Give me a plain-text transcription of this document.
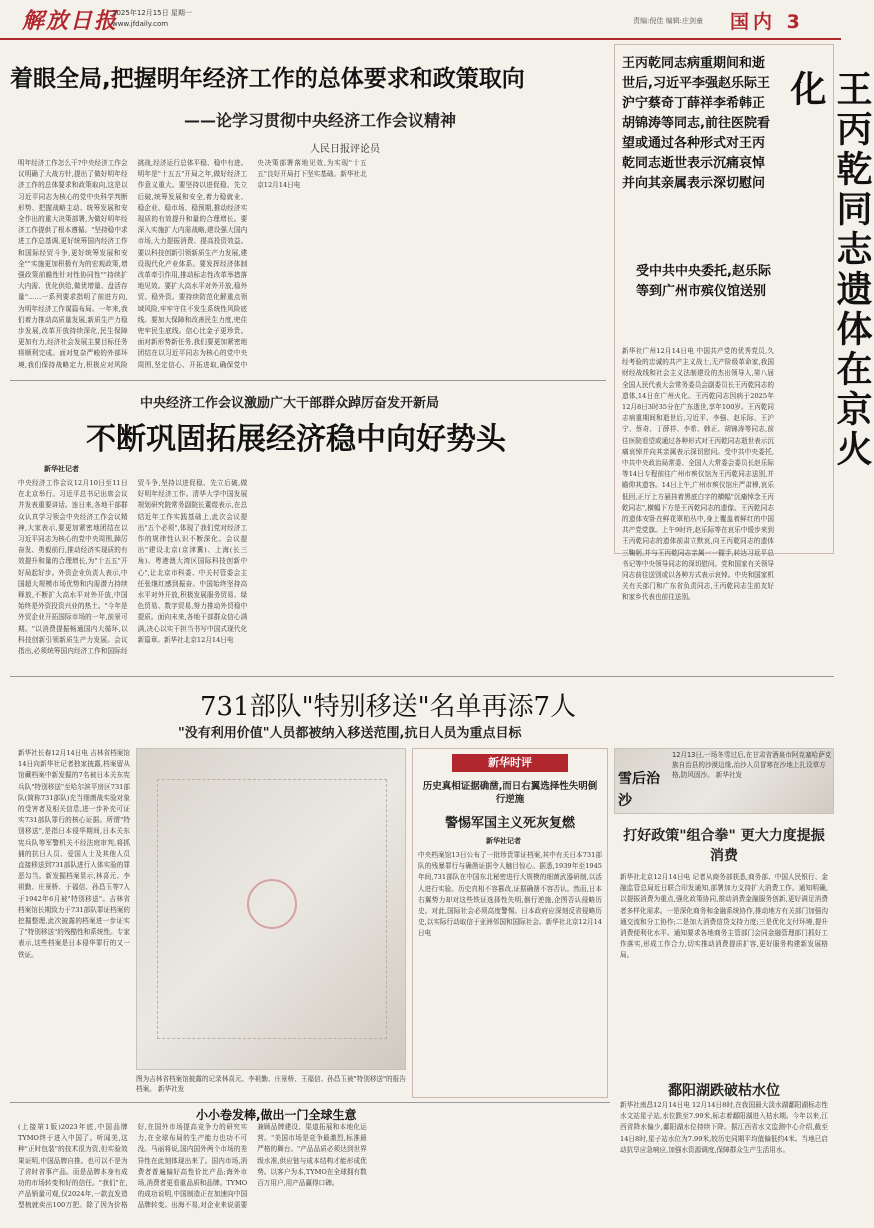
解放日报
2025年12月15日 星期一
www.jfdaily.com	责编:倪佳 编辑:庄剑童 国内 3
着眼全局,把握明年经济工作的总体要求和政策取向
——论学习贯彻中央经济工作会议精神
人民日报评论员
明年经济工作怎么干?中央经济工作会议明确了大战方针,提出了做好明年经济工作的总体要求和政策取向,这是以习近平同志为核心的党中央科学判断形势、把握战略主动、统筹发展和安全作出的重大决策部署,为做好明年经济工作提供了根本遵循。"坚持稳中求进工作总基调,更好统筹国内经济工作和国际经贸斗争,更好统筹发展和安全""实施更加积极有为的宏观政策,增强政策前瞻性针对性协同性""持续扩大内需、优化供给,做优增量、盘活存量"……一系列要求指明了前进方向,为明年经济工作谋篇布局。一年来,我们着力推动高质量发展,新质生产力稳步发展,改革开放持续深化,民生保障更加有力,经济社会发展主要目标任务将顺利完成。面对复杂严峻的外部环境,我们保持战略定力,积极应对风险挑战,经济运行总体平稳、稳中有进。明年是"十五五"开局之年,做好经济工作意义重大。要坚持以进促稳、先立后破,统筹发展和安全,着力稳就业、稳企业、稳市场、稳预期,推动经济实现质的有效提升和量的合理增长。要深入实施扩大内需战略,建设强大国内市场,大力提振消费、提高投资效益。要以科技创新引领新质生产力发展,建设现代化产业体系。要发挥经济体制改革牵引作用,推动标志性改革举措落地见效。要扩大高水平对外开放,稳外贸、稳外资。要持续防范化解重点领域风险,牢牢守住不发生系统性风险底线。要加大保障和改善民生力度,兜住兜牢民生底线。信心比金子更珍贵。面对新形势新任务,我们要更加紧密地团结在以习近平同志为核心的党中央周围,坚定信心、开拓进取,确保党中央决策部署落地见效,为实现"十五五"良好开局打下坚实基础。新华社北京12月14日电
王丙乾同志病重期间和逝世后,习近平李强赵乐际王沪宁蔡奇丁薛祥李希韩正胡锦涛等同志,前往医院看望或通过各种形式对王丙乾同志逝世表示沉痛哀悼并向其亲属表示深切慰问
受中共中央委托,赵乐际等到广州市殡仪馆送别	王丙乾同志遗体在京火化
新华社广州12月14日电 中国共产党的优秀党员,久经考验的忠诚的共产主义战士,无产阶级革命家,我国财经战线和社会主义法制建设的杰出领导人,第八届全国人民代表大会常务委员会副委员长王丙乾同志的遗体,14日在广州火化。王丙乾同志因病于2025年12月8日3时35分在广东逝世,享年100岁。王丙乾同志病重期间和逝世后,习近平、李强、赵乐际、王沪宁、蔡奇、丁薛祥、李希、韩正、胡锦涛等同志,前往医院看望或通过各种形式对王丙乾同志逝世表示沉痛哀悼并向其亲属表示深切慰问。受中共中央委托,中共中央政治局常委、全国人大常委会委员长赵乐际等14日专程前往广州市殡仪馆为王丙乾同志送别,并瞻仰其遗容。14日上午,广州市殡仪馆庄严肃穆,哀乐低回,正厅上方悬挂着黑底白字的横幅"沉痛悼念王丙乾同志",横幅下方是王丙乾同志的遗像。王丙乾同志的遗体安卧在鲜花翠柏丛中,身上覆盖着鲜红的中国共产党党旗。上午9时许,赵乐际等在哀乐中缓步来到王丙乾同志的遗体前肃立默哀,向王丙乾同志的遗体三鞠躬,并与王丙乾同志亲属一一握手,转达习近平总书记等中央领导同志的深切慰问。党和国家有关领导同志前往送别或以各种方式表示哀悼。中央和国家机关有关部门和广东省负责同志,王丙乾同志生前友好和家乡代表也前往送别。
中央经济工作会议激励广大干部群众踔厉奋发开新局
不断巩固拓展经济稳中向好势头
新华社记者
中央经济工作会议12月10日至11日在北京举行。习近平总书记出席会议并发表重要讲话。连日来,各地干部群众认真学习领会中央经济工作会议精神,大家表示,要更加紧密地团结在以习近平同志为核心的党中央周围,踔厉奋发、勇毅前行,推动经济实现质的有效提升和量的合理增长,为"十五五"开好局起好步。外资企业负责人表示,中国超大规模市场优势和内需潜力持续释放,不断扩大高水平对外开放,中国始终是外资投资兴业的热土。"今年是外贸企业开拓国际市场的一年,前景可期。"以消费提振畅通国内大循环,以科技创新引领新质生产力发展。会议指出,必须统筹国内经济工作和国际经贸斗争,坚持以进促稳、先立后破,做好明年经济工作。清华大学中国发展规划研究院常务副院长董煜表示,在总结近年工作实践基础上,此次会议提出"五个必须",体现了我们党对经济工作的规律性认识不断深化。会议提出"建设北京(京津冀)、上海(长三角)、粤港澳大湾区国际科技创新中心",让北京市科委、中关村管委会主任张继红感到振奋。中国始终坚持高水平对外开放,积极发展服务贸易、绿色贸易、数字贸易,努力推动外贸稳中提质。面向未来,各地干部群众信心满满,决心以实干担当书写中国式现代化新篇章。新华社北京12月14日电
731部队"特别移送"名单再添7人
"没有利用价值"人员都被纳入移送范围,抗日人员为重点目标
新华社长春12月14日电 吉林省档案馆14日向新华社记者独家披露,档案留从馆藏档案中新发掘的7名被日本关东宪兵队"特别移送"至哈尔滨平房区731部队(简称731部队)充当细菌战实验对象的受害者及相关信息,进一步补充可证实731部队罪行的核心证据。所谓"特别移送",是指日本侵华期间,日本关东宪兵队等军警机关不经法庭审判,将抓捕的抗日人员、爱国人士及其他人员直接移送到731部队进行人体实验的罪恶勾当。新发掘档案显示,林喜元、李祖勤、庄景桥、于福信、孙昌玉等7人于1942年6月被"特别移送"。吉林省档案馆长期致力于731部队罪证档案的挖掘整理,此次披露的档案进一步证实了"特别移送"的残酷性和系统性。专家表示,这些档案是日本侵华罪行的又一铁证。
图为吉林省档案馆披露的记录林喜元、李祖勤、庄景桥、王福信、孙昌玉被"特别移送"的报告档案。 新华社发
新华时评
历史真相证据确凿,而日右翼选择性失明倒行逆施
警惕军国主义死灰复燃
新华社记者
中央档案馆13日公布了一批珍贵罪证档案,其中有关日本731部队的残暴罪行与确凿证据令人触目惊心。据悉,1939年至1945年间,731部队在中国东北秘密进行大规模的细菌武器研制,以活人进行实验。历史真相不容篡改,证据确凿不容否认。然而,日本右翼势力却对这些铁证选择性失明,倒行逆施,企图否认侵略历史。对此,国际社会必须高度警惕。日本政府应深刻反省侵略历史,以实际行动取信于亚洲邻国和国际社会。新华社北京12月14日电
雪后治沙
12月13日,一场冬雪过后,在甘肃省酒泉市阿克塞哈萨克族自治县的沙漠边缘,治沙人员冒寒在沙地上扎设草方格,防风固沙。 新华社发
打好政策"组合拳" 更大力度提振消费
新华社北京12月14日电 记者从商务部获悉,商务部、中国人民银行、金融监管总局近日联合印发通知,部署加力支持扩大消费工作。通知明确,以提振消费为重点,强化政策协同,推动消费金融服务创新,更好满足消费者多样化需求。一是深化商务和金融系统协作,推动地方有关部门加强沟通交流和分工协作;二是加大消费信贷支持力度;三是优化支付环境,提升消费便利化水平。通知要求各地商务主管部门会同金融管理部门抓好工作落实,形成工作合力,切实推动消费提质扩容,更好服务构建新发展格局。
鄱阳湖跌破枯水位
新华社南昌12月14日电 12月14日8时,在我国最大淡水湖鄱阳湖标志性水文站星子站,水位跌至7.99米,标志着鄱阳湖进入枯水期。今年以来,江西省降水偏少,鄱阳湖水位持续下降。据江西省水文监测中心介绍,截至14日8时,星子站水位为7.99米,较历史同期平均值偏低约4米。当地已启动抗旱应急响应,加强水资源调度,保障群众生产生活用水。
小小卷发棒,做出一门全球生意
(上接第1版)2023年底,中国品牌TYMO终于进入中国了。听闻美,这种"正时包装"的技术很为资,但实验效果证明,中国品牌自推。也可以不是为了省时省事产品。而是品牌本身有成功的市场转变和好的信任。"我们"在,产品销量可观,仅2024年,一款直发造型梳就卖出100万把。除了因为价格好,在国外市场提高竞争力的研究实力,在全球布局的生产能力也功不可没。马丽将说,国内国外两个市场的差异性在此刻体现出来了。国内市场,消费者普遍偏好高性价比产品;海外市场,消费者更看重品质和品牌。TYMO的成功说明,中国制造正在加速向中国品牌转变。出海不易,对企业来说需要兼顾品牌建设、渠道拓展和本地化运营。"美国市场是竞争最激烈,标准最严格的舞台。"产品品质必须达到世界级水准,供应链与成本结构才能形成优势。以客户为本,TYMO在全球拥有数百万用户,用产品赢得口碑。
